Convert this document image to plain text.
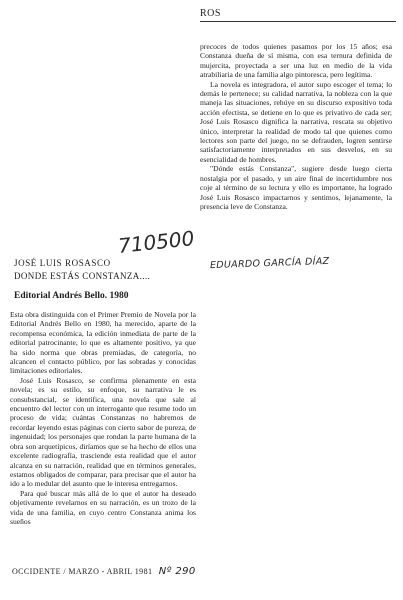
ROS

precoces de todos quienes pasamos por los 15 años; esa Constanza dueña de sí misma, con esa ternura definida de mujercita, proyectada a ser una luz en medio de la vida atrabiliaria de una familia algo pintoresca, pero legítima.

La novela es integradora, el autor supo escoger el tema; lo demás le pertenece; su calidad narrativa, la nobleza con la que maneja las situaciones, rehúye en su discurso expositivo toda acción efectista, se detiene en lo que es privativo de cada ser; José Luis Rosasco dignifica la narrativa, rescata su objetivo único, interpretar la realidad de modo tal que quienes como lectores son parte del juego, no se defrauden, logren sentirse satisfactoriamente interpretados en sus desvelos, en su esencialidad de hombres.

"Dónde estás Constanza", sugiere desde luego cierta nostalgia por el pasado, y un aire final de incertidumbre nos coje al término de su lectura y ello es importante, ha logrado José Luis Rosasco impactarnos y sentimos, lejanamente, la presencia leve de Constanza.

710500
EDUARDO GARCÍA DÍAZ
JOSÉ LUIS ROSASCO
DONDE ESTÁS CONSTANZA....
Editorial Andrés Bello. 1980

Esta obra distinguida con el Primer Premio de Novela por la Editorial Andrés Bello en 1980, ha merecido, aparte de la recompensa económica, la edición inmediata de parte de la editorial patrocinante, lo que es altamente positivo, ya que ha sido norma que obras premiadas, de categoría, no alcancen el contacto público, por las sobradas y conocidas limitaciones editoriales.

José Luis Rosasco, se confirma plenamente en esta novela; es su estilo, su enfoque, su narrativa le es consubstancial, se identifica, una novela que sale al encuentro del lector con un interrogante que resume todo un proceso de vida; cuántas Constanzas no habremos de recordar leyendo estas páginas con cierto sabor de pureza, de ingenuidad; los personajes que rondan la parte humana de la obra son arquetípicos, diríamos que se ha hecho de ellos una excelente radiografía, trasciende esta realidad que el autor alcanza en su narración, realidad que en términos generales, estamos obligados de comparar, para precisar que el autor ha ido a lo medular del asunto que le interesa entregarnos.

Para qué buscar más allá de lo que el autor ha deseado objetivamente revelarnos en su narración, es un trozo de la vida de una familia, en cuyo centro Constanza anima los sueños

OCCIDENTE / MARZO - ABRIL 1981 Nº 290
